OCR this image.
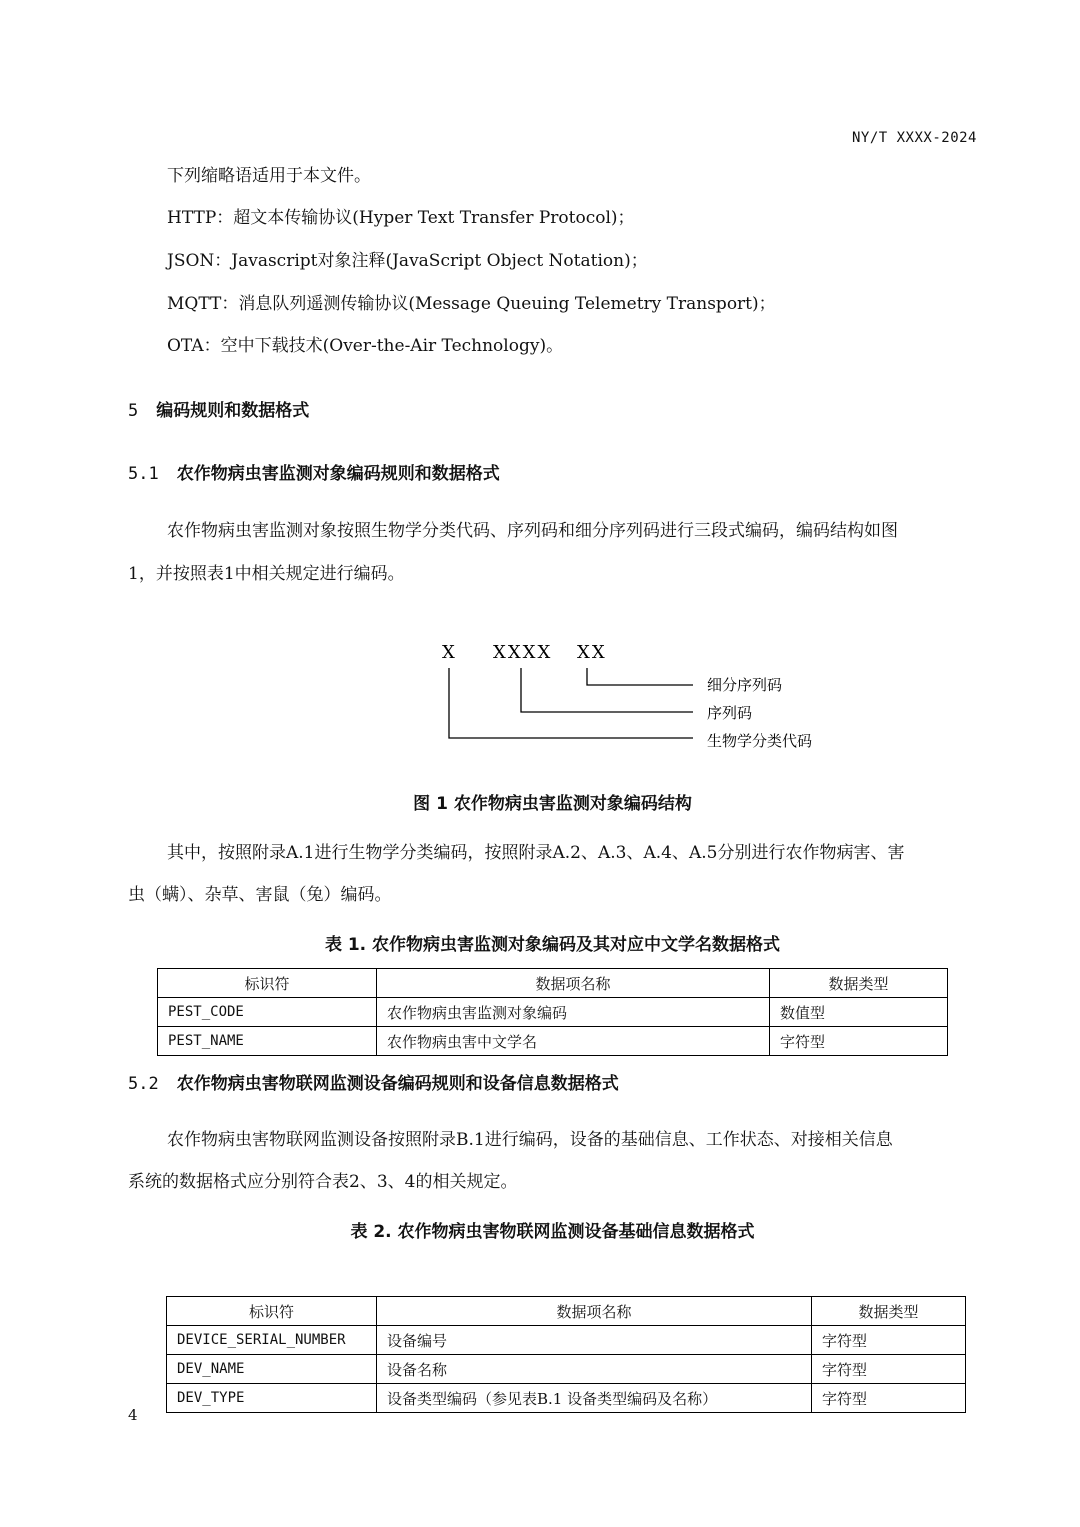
NY/T XXXX-2024
下列缩略语适用于本文件。
HTTP：超文本传输协议(Hyper Text Transfer Protocol)；
JSON：Javascript对象注释(JavaScript Object Notation)；
MQTT：消息队列遥测传输协议(Message Queuing Telemetry Transport)；
OTA：空中下载技术(Over-the-Air Technology)。
5 编码规则和数据格式
5.1 农作物病虫害监测对象编码规则和数据格式
农作物病虫害监测对象按照生物学分类代码、序列码和细分序列码进行三段式编码，编码结构如图
1，并按照表1中相关规定进行编码。
X XXXX XX
细分序列码
序列码
生物学分类代码
图 1 农作物病虫害监测对象编码结构
其中，按照附录A.1进行生物学分类编码，按照附录A.2、A.3、A.4、A.5分别进行农作物病害、害
虫（螨）、杂草、害鼠（兔）编码。
表 1. 农作物病虫害监测对象编码及其对应中文学名数据格式
标识符	数据项名称	数据类型
PEST_CODE	农作物病虫害监测对象编码	数值型
PEST_NAME	农作物病虫害中文学名	字符型
5.2 农作物病虫害物联网监测设备编码规则和设备信息数据格式
农作物病虫害物联网监测设备按照附录B.1进行编码，设备的基础信息、工作状态、对接相关信息
系统的数据格式应分别符合表2、3、4的相关规定。
表 2. 农作物病虫害物联网监测设备基础信息数据格式
标识符	数据项名称	数据类型
DEVICE_SERIAL_NUMBER	设备编号	字符型
DEV_NAME	设备名称	字符型
DEV_TYPE	设备类型编码（参见表B.1 设备类型编码及名称）	字符型
4
